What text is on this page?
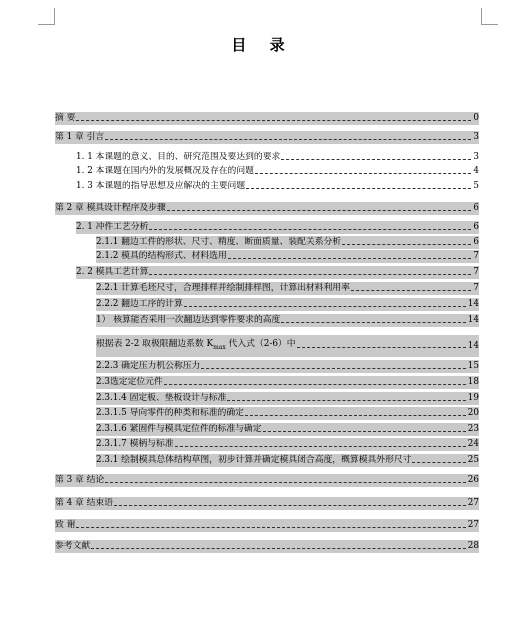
目 录
摘 要	0
第 1 章 引言	3
1. 1 本课题的意义、目的、研究范围及要达到的要求	3
1. 2 本课题在国内外的发展概况及存在的问题	4
1. 3 本课题的指导思想及应解决的主要问题	5
第 2 章 模具设计程序及步骤	6
2. 1 冲件工艺分析	6
2.1.1 翻边工件的形状、尺寸、精度、断面质量、装配关系分析	6
2.1.2 模具的结构形式、材料选用	7
2. 2 模具工艺计算	7
2.2.1 计算毛坯尺寸，合理排样并绘制排样图，计算出材料利用率	7
2.2.2 翻边工序的计算	14
1） 核算能否采用一次翻边达到零件要求的高度	14
根据表 2-2 取极限翻边系数 $K_{max}$ 代入式（2-6）中	14
2.2.3 确定压力机公称压力	15
2.3选定定位元件	18
2.3.1.4 固定板、垫板设计与标准	19
2.3.1.5 导向零件的种类和标准的确定	20
2.3.1.6 紧固件与模具定位件的标准与确定	23
2.3.1.7 模柄与标准	24
2.3.1 绘制模具总体结构草图，初步计算并确定模具闭合高度，概算模具外形尺寸	25
第 3 章 结论	26
第 4 章 结束语	27
致 谢	27
参考文献	28
